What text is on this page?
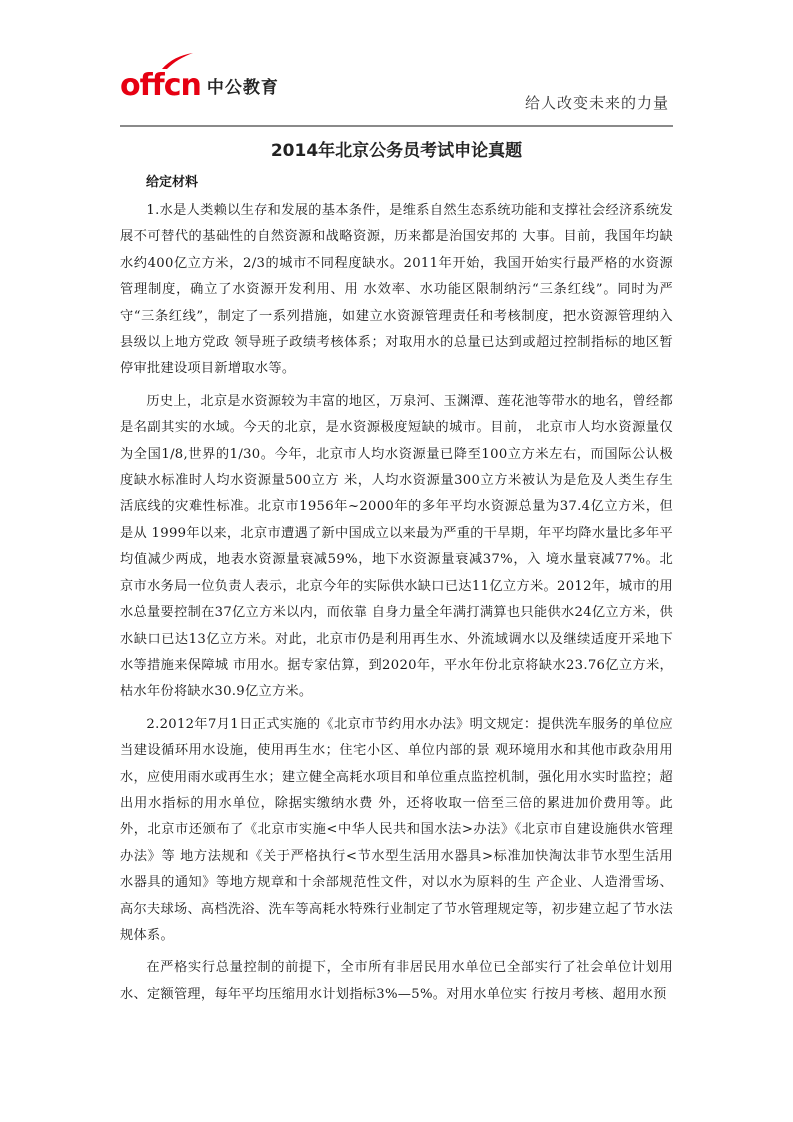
offcn 中公教育
给人改变未来的力量
2014年北京公务员考试申论真题
给定材料

1.水是人类赖以生存和发展的基本条件，是维系自然生态系统功能和支撑社会经济系统发展不可替代的基础性的自然资源和战略资源，历来都是治国安邦的 大事。目前，我国年均缺水约400亿立方米，2/3的城市不同程度缺水。2011年开始，我国开始实行最严格的水资源管理制度，确立了水资源开发利用、用 水效率、水功能区限制纳污“三条红线”。同时为严守“三条红线”，制定了一系列措施，如建立水资源管理责任和考核制度，把水资源管理纳入县级以上地方党政 领导班子政绩考核体系；对取用水的总量已达到或超过控制指标的地区暂停审批建设项目新增取水等。

历史上，北京是水资源较为丰富的地区，万泉河、玉渊潭、莲花池等带水的地名，曾经都是名副其实的水域。今天的北京，是水资源极度短缺的城市。目前， 北京市人均水资源量仅为全国1/8,世界的1/30。今年，北京市人均水资源量已降至100立方米左右，而国际公认极度缺水标准时人均水资源量500立方 米，人均水资源量300立方米被认为是危及人类生存生活底线的灾难性标准。北京市1956年~2000年的多年平均水资源总量为37.4亿立方米，但是从 1999年以来，北京市遭遇了新中国成立以来最为严重的干旱期，年平均降水量比多年平均值减少两成，地表水资源量衰减59%，地下水资源量衰减37%，入 境水量衰减77%。北京市水务局一位负责人表示，北京今年的实际供水缺口已达11亿立方米。2012年，城市的用水总量要控制在37亿立方米以内，而依靠 自身力量全年满打满算也只能供水24亿立方米，供水缺口已达13亿立方米。对此，北京市仍是利用再生水、外流域调水以及继续适度开采地下水等措施来保障城 市用水。据专家估算，到2020年，平水年份北京将缺水23.76亿立方米，枯水年份将缺水30.9亿立方米。

2.2012年7月1日正式实施的《北京市节约用水办法》明文规定：提供洗车服务的单位应当建设循环用水设施，使用再生水；住宅小区、单位内部的景 观环境用水和其他市政杂用用水，应使用雨水或再生水；建立健全高耗水项目和单位重点监控机制，强化用水实时监控；超出用水指标的用水单位，除据实缴纳水费 外，还将收取一倍至三倍的累进加价费用等。此外，北京市还颁布了《北京市实施<中华人民共和国水法>办法》《北京市自建设施供水管理办法》等 地方法规和《关于严格执行<节水型生活用水器具>标准加快淘汰非节水型生活用水器具的通知》等地方规章和十余部规范性文件，对以水为原料的生 产企业、人造滑雪场、高尔夫球场、高档洗浴、洗车等高耗水特殊行业制定了节水管理规定等，初步建立起了节水法规体系。

在严格实行总量控制的前提下，全市所有非居民用水单位已全部实行了社会单位计划用水、定额管理，每年平均压缩用水计划指标3%—5%。对用水单位实 行按月考核、超用水预
